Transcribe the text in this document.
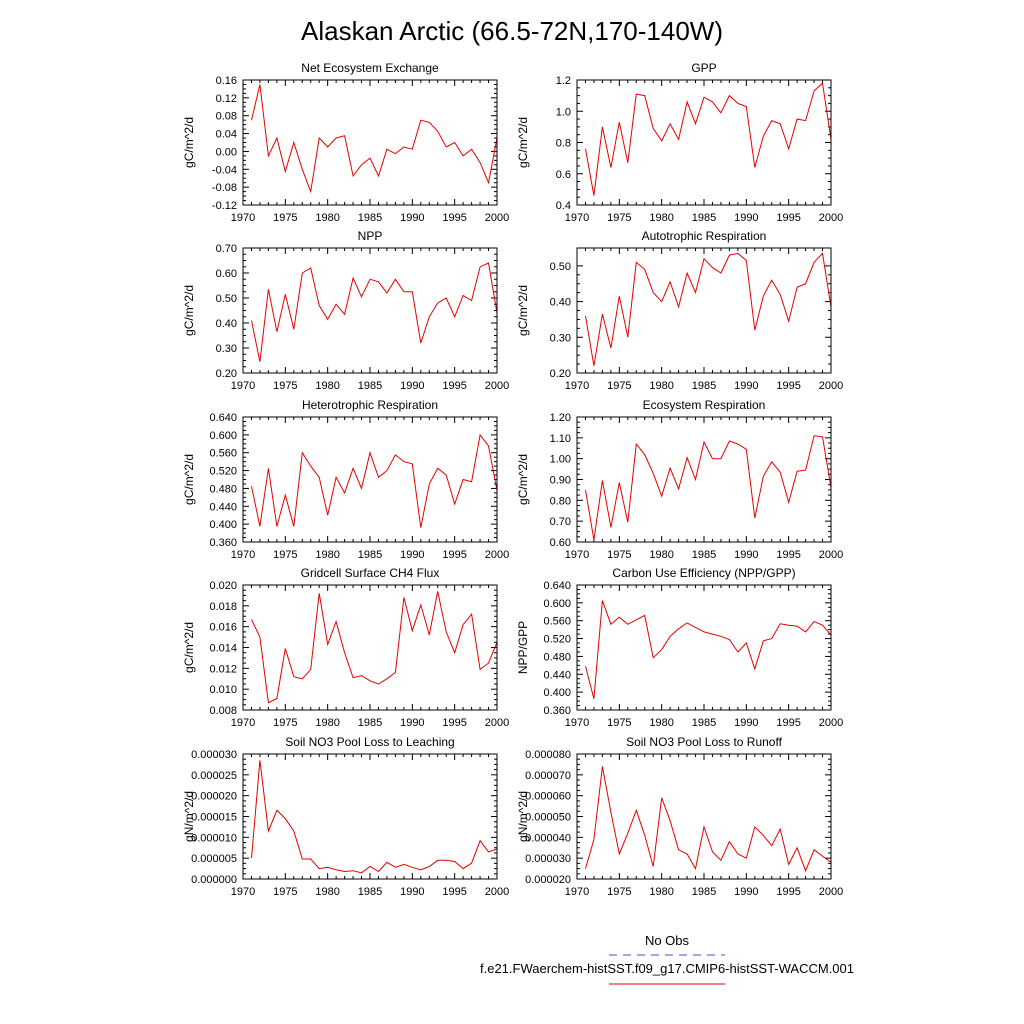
Alaskan Arctic (66.5-72N,170-140W)
Net Ecosystem Exchange
gC/m^2/d
1970 1975 1980 1985 1990 1995 2000
-0.12
-0.08
-0.04
0.00
0.04
0.08
0.12
0.16
GPP
gC/m^2/d
1970 1975 1980 1985 1990 1995 2000
0.4
0.6
0.8
1.0
1.2
NPP
gC/m^2/d
1970 1975 1980 1985 1990 1995 2000
0.20
0.30
0.40
0.50
0.60
0.70
Autotrophic Respiration
gC/m^2/d
1970 1975 1980 1985 1990 1995 2000
0.20
0.30
0.40
0.50
Heterotrophic Respiration
gC/m^2/d
1970 1975 1980 1985 1990 1995 2000
0.360
0.400
0.440
0.480
0.520
0.560
0.600
0.640
Ecosystem Respiration
gC/m^2/d
1970 1975 1980 1985 1990 1995 2000
0.60
0.70
0.80
0.90
1.00
1.10
1.20
Gridcell Surface CH4 Flux
gC/m^2/d
1970 1975 1980 1985 1990 1995 2000
0.008
0.010
0.012
0.014
0.016
0.018
0.020
Carbon Use Efficiency (NPP/GPP)
NPP/GPP
1970 1975 1980 1985 1990 1995 2000
0.360
0.400
0.440
0.480
0.520
0.560
0.600
0.640
Soil NO3 Pool Loss to Leaching
gN/m^2/d
1970 1975 1980 1985 1990 1995 2000
0.000000
0.000005
0.000010
0.000015
0.000020
0.000025
0.000030
Soil NO3 Pool Loss to Runoff
gN/m^2/d
1970 1975 1980 1985 1990 1995 2000
0.000020
0.000030
0.000040
0.000050
0.000060
0.000070
0.000080
No Obs
f.e21.FWaerchem-histSST.f09_g17.CMIP6-histSST-WACCM.001
